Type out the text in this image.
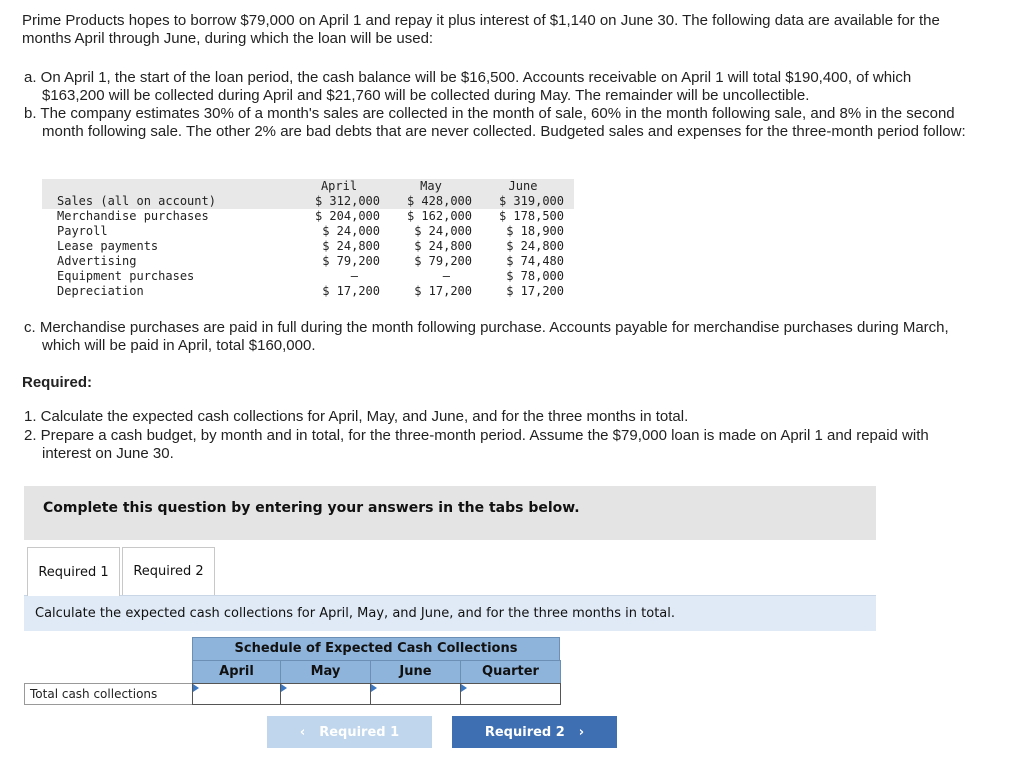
Prime Products hopes to borrow $79,000 on April 1 and repay it plus interest of $1,140 on June 30. The following data are available for the months April through June, during which the loan will be used:

a. On April 1, the start of the loan period, the cash balance will be $16,500. Accounts receivable on April 1 will total $190,400, of which $163,200 will be collected during April and $21,760 will be collected during May. The remainder will be uncollectible.

b. The company estimates 30% of a month's sales are collected in the month of sale, 60% in the month following sale, and 8% in the second month following sale. The other 2% are bad debts that are never collected. Budgeted sales and expenses for the three-month period follow:

	April	May	June
Sales (all on account)	$ 312,000	$ 428,000	$ 319,000
Merchandise purchases	$ 204,000	$ 162,000	$ 178,500
Payroll	$ 24,000	$ 24,000	$ 18,900
Lease payments	$ 24,800	$ 24,800	$ 24,800
Advertising	$ 79,200	$ 79,200	$ 74,480
Equipment purchases	–	–	$ 78,000
Depreciation	$ 17,200	$ 17,200	$ 17,200

c. Merchandise purchases are paid in full during the month following purchase. Accounts payable for merchandise purchases during March, which will be paid in April, total $160,000.

Required:

1. Calculate the expected cash collections for April, May, and June, and for the three months in total.

2. Prepare a cash budget, by month and in total, for the three-month period. Assume the $79,000 loan is made on April 1 and repaid with interest on June 30.

Complete this question by entering your answers in the tabs below.
Required 1 Required 2
Calculate the expected cash collections for April, May, and June, and for the three months in total.
Schedule of Expected Cash Collections
April	May	June	Quarter
Total cash collections
‹ Required 1	Required 2 ›
